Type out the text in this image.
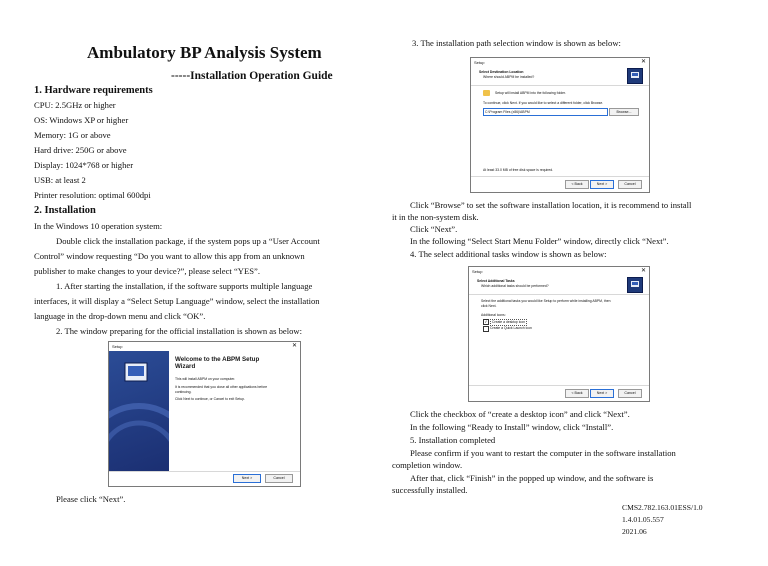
Ambulatory BP Analysis System
-----Installation Operation Guide
1. Hardware requirements
CPU: 2.5GHz or higher
OS: Windows XP or higher
Memory: 1G or above
Hard drive: 250G or above
Display: 1024*768 or higher
USB: at least 2
Printer resolution: optimal 600dpi
2. Installation
In the Windows 10 operation system:
Double click the installation package, if the system pops up a “User Account
Control” window requesting “Do you want to allow this app from an unknown
publisher to make changes to your device?”, please select “YES”.
1. After starting the installation, if the software supports multiple language
interfaces, it will display a “Select Setup Language” window, select the installation
language in the drop-down menu and click “OK”.
2. The window preparing for the official installation is shown as below:
Please click “Next”.
Setup	✕
Welcome to the ABPM Setup
Wizard
This will install ABPM on your computer.
It is recommended that you close all other applications before
continuing.
Click Next to continue, or Cancel to exit Setup.
Next >	Cancel
3. The installation path selection window is shown as below:
Click “Browse” to set the software installation location, it is recommend to install
it in the non-system disk.
Click “Next”.
In the following “Select Start Menu Folder” window, directly click “Next”.
4. The select additional tasks window is shown as below:
Click the checkbox of “create a desktop icon” and click “Next”.
In the following “Ready to Install” window, click “Install”.
5. Installation completed
Please confirm if you want to restart the computer in the software installation
completion window.
After that, click “Finish” in the popped up window, and the software is
successfully installed.
CMS2.782.163.01ESS/1.0
1.4.01.05.557
2021.06
Setup	✕
Select Destination Location
Where should ABPM be installed?
Setup will install ABPM into the following folder.
To continue, click Next. If you would like to select a different folder, click Browse.
C:\Program Files (x86)\ABPM	Browse...
At least 33.0 MB of free disk space is required.
< Back	Next >	Cancel
Setup	✕
Select Additional Tasks
Which additional tasks should be performed?
Select the additional tasks you would like Setup to perform while installing ABPM, then
click Next.
Additional icons:
✓	Create a desktop icon
Create a Quick Launch icon
< Back	Next >	Cancel
